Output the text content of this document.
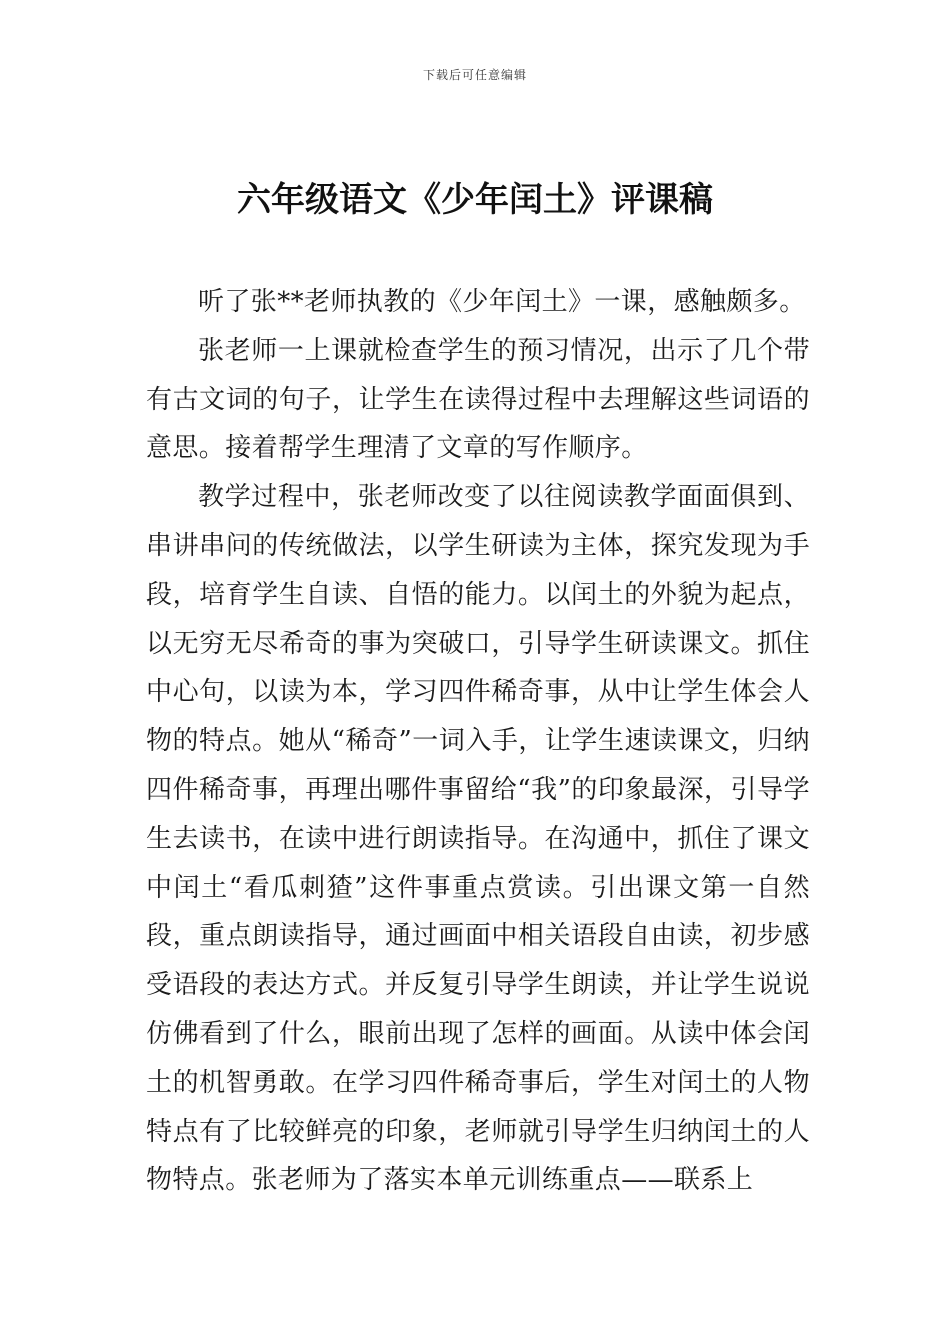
下载后可任意编辑
六年级语文《少年闰土》评课稿

听了张**老师执教的《少年闰土》一课，感触颇多。

张老师一上课就检查学生的预习情况，出示了几个带有古文词的句子，让学生在读得过程中去理解这些词语的意思。接着帮学生理清了文章的写作顺序。

教学过程中，张老师改变了以往阅读教学面面俱到、串讲串问的传统做法，以学生研读为主体，探究发现为手段，培育学生自读、自悟的能力。以闰土的外貌为起点，以无穷无尽希奇的事为突破口，引导学生研读课文。抓住中心句，以读为本，学习四件稀奇事，从中让学生体会人物的特点。她从“稀奇”一词入手，让学生速读课文，归纳四件稀奇事，再理出哪件事留给“我”的印象最深，引导学生去读书，在读中进行朗读指导。在沟通中，抓住了课文中闰土“看瓜刺猹”这件事重点赏读。引出课文第一自然段，重点朗读指导，通过画面中相关语段自由读，初步感受语段的表达方式。并反复引导学生朗读，并让学生说说仿佛看到了什么，眼前出现了怎样的画面。从读中体会闰土的机智勇敢。在学习四件稀奇事后，学生对闰土的人物特点有了比较鲜亮的印象，老师就引导学生归纳闰土的人物特点。张老师为了落实本单元训练重点——联系上
